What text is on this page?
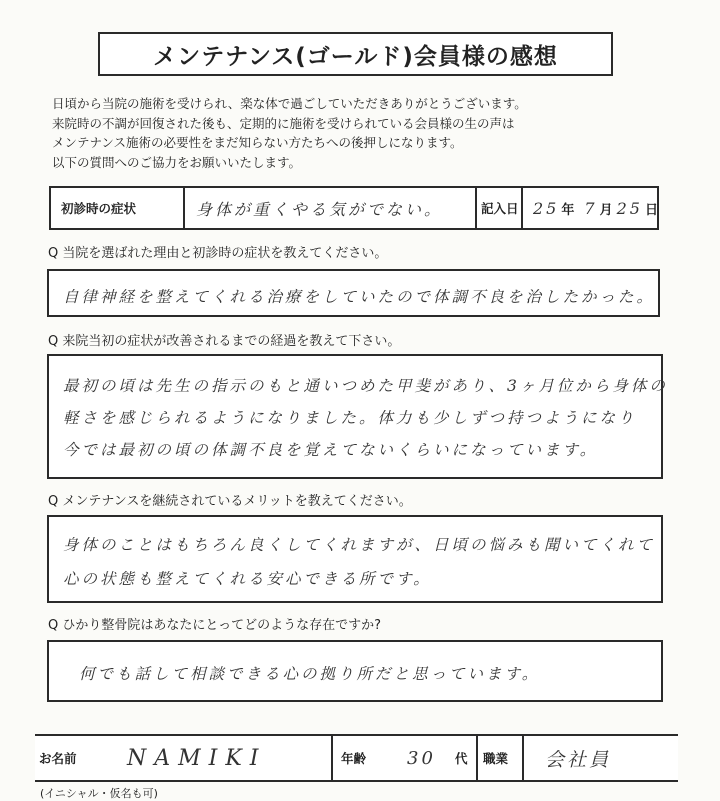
メンテナンス(ゴールド)会員様の感想
日頃から当院の施術を受けられ、楽な体で過ごしていただきありがとうございます。
来院時の不調が回復された後も、定期的に施術を受けられている会員様の生の声は
メンテナンス施術の必要性をまだ知らない方たちへの後押しになります。
以下の質問へのご協力をお願いいたします。
初診時の症状	身体が重くやる気がでない。	記入日 25 年 7 月 25 日
Q 当院を選ばれた理由と初診時の症状を教えてください。
自律神経を整えてくれる治療をしていたので体調不良を治したかった。
Q 来院当初の症状が改善されるまでの経過を教えて下さい。
最初の頃は先生の指示のもと通いつめた甲斐があり、3ヶ月位から身体の
軽さを感じられるようになりました。体力も少しずつ持つようになり
今では最初の頃の体調不良を覚えてないくらいになっています。
Q メンテナンスを継続されているメリットを教えてください。
身体のことはもちろん良くしてくれますが、日頃の悩みも聞いてくれて
心の状態も整えてくれる安心できる所です。
Q ひかり整骨院はあなたにとってどのような存在ですか?
何でも話して相談できる心の拠り所だと思っています。
お名前	NAMIKI	年齢	30	代	職業	会社員
(イニシャル・仮名も可)
